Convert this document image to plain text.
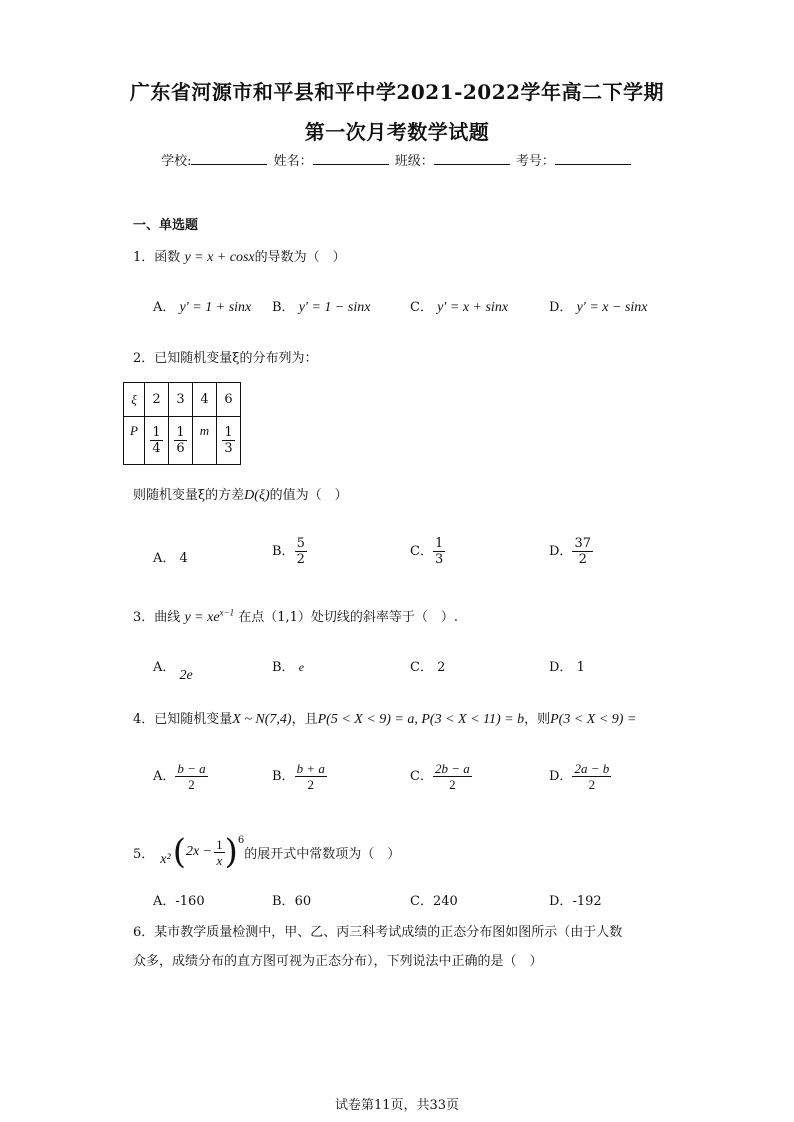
广东省河源市和平县和平中学2021-2022学年高二下学期
第一次月考数学试题
学校:	姓名：	班级：	考号：
一、单选题
1．函数 y = x + cosx的导数为（　）
A． y′ = 1 + sinx B． y′ = 1 − sinx	C． y′ = x + sinx	D． y′ = x − sinx
2．已知随机变量ξ的分布列为：
ξ	2	3	4	6
P	$\frac{1}{4}$	$\frac{1}{6}$	m	$\frac{1}{3}$
则随机变量ξ的方差D(ξ)的值为（　）
A． 4	B． $\frac{5}{2}$	C． $\frac{1}{3}$	D． $\frac{37}{2}$
3．曲线 $y = xe^{x-1}$ 在点（1,1）处切线的斜率等于（　）.
A． 2e
B． e	C． 2	D． 1
4．已知随机变量X ~ N(7,4)，且P(5 < X < 9) = a, P(3 < X < 11) = b，则P(3 < X < 9) =
A． $\frac{b - a}{2}$	B． $\frac{b + a}{2}$	C． $\frac{2b - a}{2}$	D． $\frac{2a - b}{2}$
5． x² ( $2x - \frac{1}{x} )^6$
的展开式中常数项为（　）
A．-160	B．60	C．240	D．-192
6．某市教学质量检测中，甲、乙、丙三科考试成绩的正态分布图如图所示（由于人数
众多，成绩分布的直方图可视为正态分布），下列说法中正确的是（　）
试卷第11页，共33页
